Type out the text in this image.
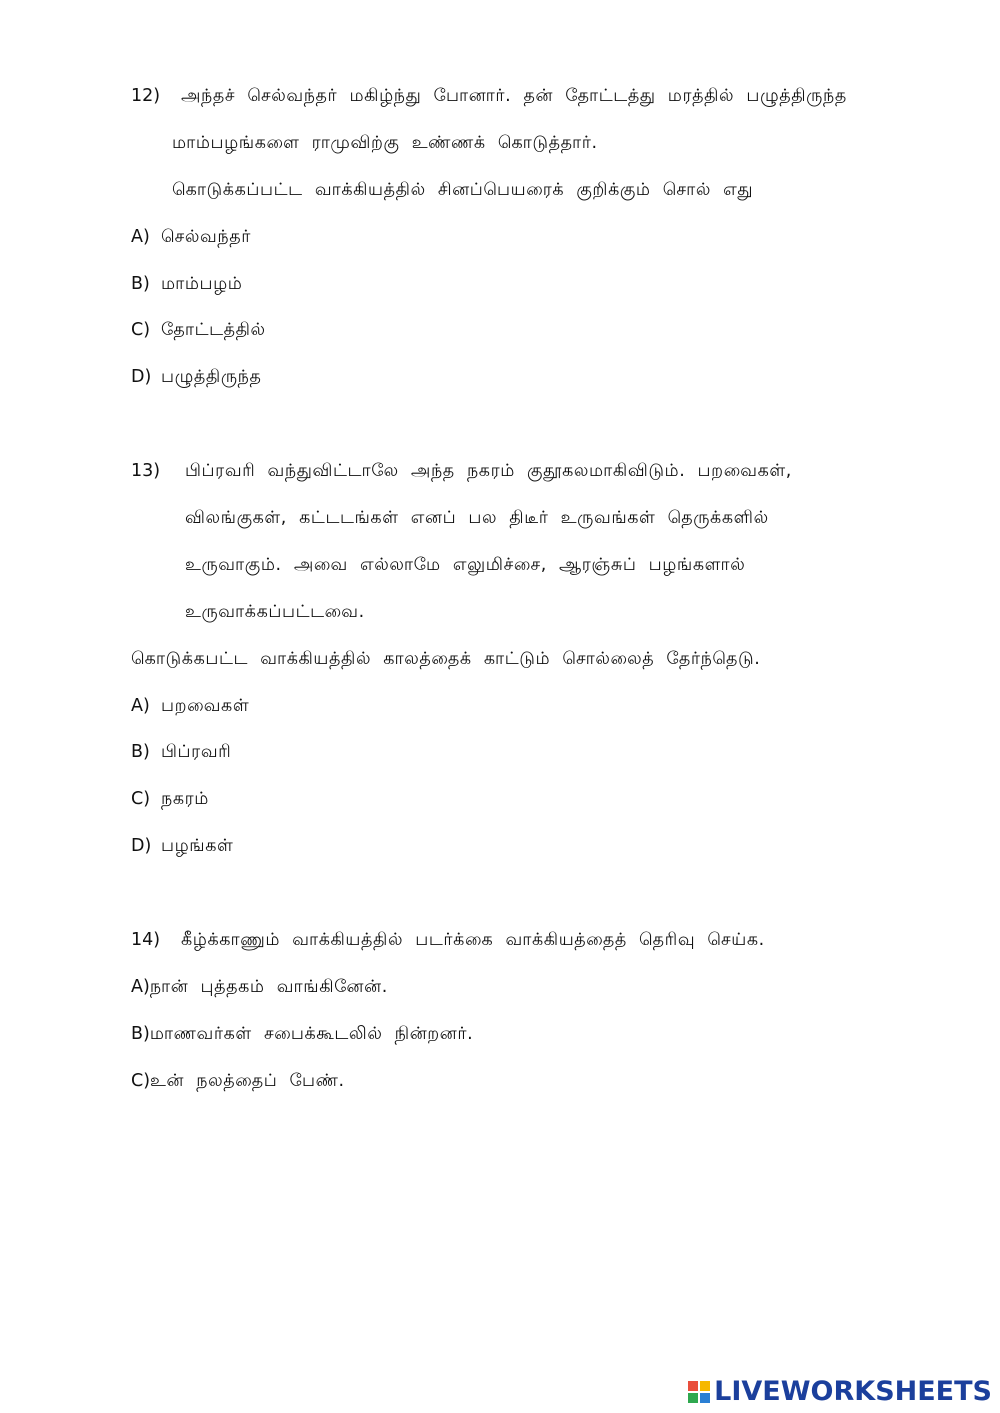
12) அந்தச் செல்வந்தர் மகிழ்ந்து போனார். தன் தோட்டத்து மரத்தில் பழுத்திருந்த
மாம்பழங்களை ராமுவிற்கு உண்ணக் கொடுத்தார்.
கொடுக்கப்பட்ட வாக்கியத்தில் சினப்பெயரைக் குறிக்கும் சொல் எது
A) செல்வந்தர்
B) மாம்பழம்
C) தோட்டத்தில்
D) பழுத்திருந்த
13) பிப்ரவரி வந்துவிட்டாலே அந்த நகரம் குதூகலமாகிவிடும். பறவைகள்,
விலங்குகள், கட்டடங்கள் எனப் பல திடீர் உருவங்கள் தெருக்களில்
உருவாகும். அவை எல்லாமே எலுமிச்சை, ஆரஞ்சுப் பழங்களால்
உருவாக்கப்பட்டவை.
கொடுக்கபட்ட வாக்கியத்தில் காலத்தைக் காட்டும் சொல்லைத் தேர்ந்தெடு.
A) பறவைகள்
B) பிப்ரவரி
C) நகரம்
D) பழங்கள்
14) கீழ்க்காணும் வாக்கியத்தில் படர்க்கை வாக்கியத்தைத் தெரிவு செய்க.
A)நான் புத்தகம் வாங்கினேன்.
B)மாணவர்கள் சபைக்கூடலில் நின்றனர்.
C)உன் நலத்தைப் பேண்.
LIVEWORKSHEETS
